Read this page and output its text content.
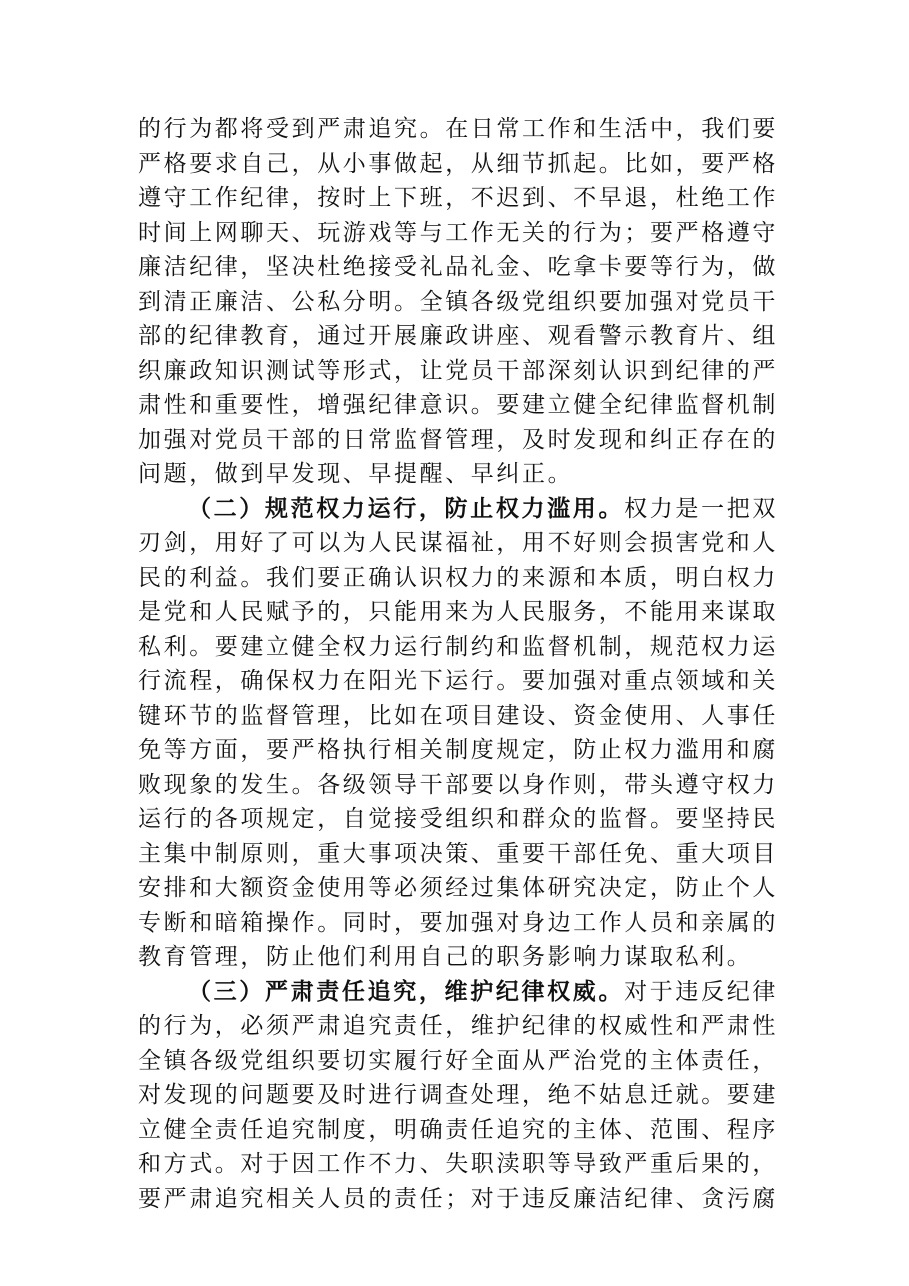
的行为都将受到严肃追究。在日常工作和生活中，我们要严格要求自己，从小事做起，从细节抓起。比如，要严格遵守工作纪律，按时上下班，不迟到、不早退，杜绝工作时间上网聊天、玩游戏等与工作无关的行为；要严格遵守廉洁纪律，坚决杜绝接受礼品礼金、吃拿卡要等行为，做到清正廉洁、公私分明。全镇各级党组织要加强对党员干部的纪律教育，通过开展廉政讲座、观看警示教育片、组织廉政知识测试等形式，让党员干部深刻认识到纪律的严肃性和重要性，增强纪律意识。要建立健全纪律监督机制加强对党员干部的日常监督管理，及时发现和纠正存在的问题，做到早发现、早提醒、早纠正。

（二）规范权力运行，防止权力滥用。权力是一把双刃剑，用好了可以为人民谋福祉，用不好则会损害党和人民的利益。我们要正确认识权力的来源和本质，明白权力是党和人民赋予的，只能用来为人民服务，不能用来谋取私利。要建立健全权力运行制约和监督机制，规范权力运行流程，确保权力在阳光下运行。要加强对重点领域和关键环节的监督管理，比如在项目建设、资金使用、人事任免等方面，要严格执行相关制度规定，防止权力滥用和腐败现象的发生。各级领导干部要以身作则，带头遵守权力运行的各项规定，自觉接受组织和群众的监督。要坚持民主集中制原则，重大事项决策、重要干部任免、重大项目安排和大额资金使用等必须经过集体研究决定，防止个人专断和暗箱操作。同时，要加强对身边工作人员和亲属的教育管理，防止他们利用自己的职务影响力谋取私利。

（三）严肃责任追究，维护纪律权威。对于违反纪律的行为，必须严肃追究责任，维护纪律的权威性和严肃性全镇各级党组织要切实履行好全面从严治党的主体责任，对发现的问题要及时进行调查处理，绝不姑息迁就。要建立健全责任追究制度，明确责任追究的主体、范围、程序和方式。对于因工作不力、失职渎职等导致严重后果的，要严肃追究相关人员的责任；对于违反廉洁纪律、贪污腐
